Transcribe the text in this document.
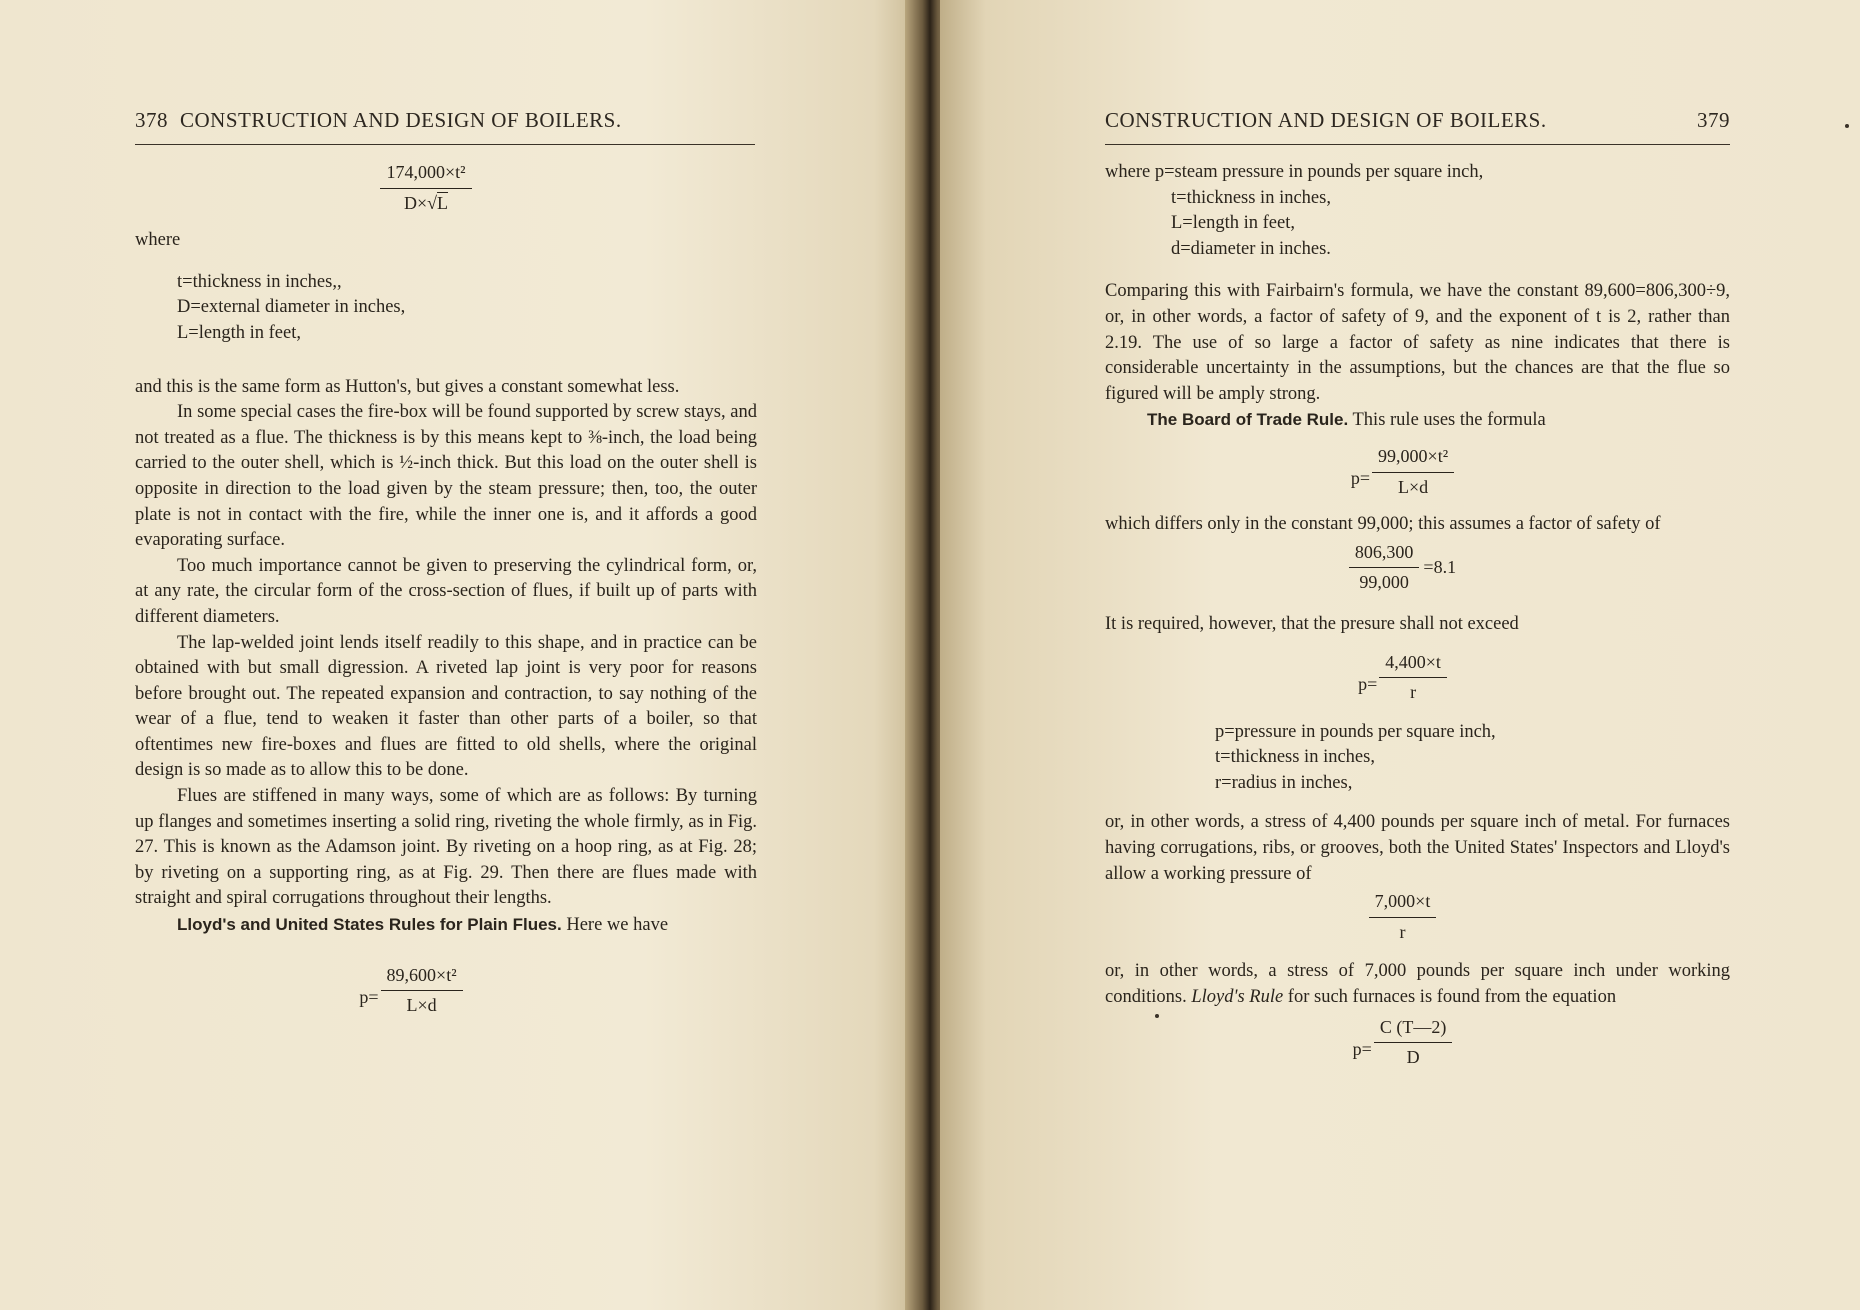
378 CONSTRUCTION AND DESIGN OF BOILERS.
$\frac{\text{174,000×t²}}{D\times√L}$

where

t=thickness in inches,,
D=external diameter in inches,
L=length in feet,

and this is the same form as Hutton's, but gives a constant somewhat less.

In some special cases the fire-box will be found supported by screw stays, and not treated as a flue. The thickness is by this means kept to ⅜-inch, the load being carried to the outer shell, which is ½-inch thick. But this load on the outer shell is opposite in direction to the load given by the steam pressure; then, too, the outer plate is not in contact with the fire, while the inner one is, and it affords a good evaporating surface.

Too much importance cannot be given to preserving the cylindrical form, or, at any rate, the circular form of the cross-section of flues, if built up of parts with different diameters.

The lap-welded joint lends itself readily to this shape, and in practice can be obtained with but small digression. A riveted lap joint is very poor for reasons before brought out. The repeated expansion and contraction, to say nothing of the wear of a flue, tend to weaken it faster than other parts of a boiler, so that oftentimes new fire-boxes and flues are fitted to old shells, where the original design is so made as to allow this to be done.

Flues are stiffened in many ways, some of which are as follows: By turning up flanges and sometimes inserting a solid ring, riveting the whole firmly, as in Fig. 27. This is known as the Adamson joint. By riveting on a hoop ring, as at Fig. 28; by riveting on a supporting ring, as at Fig. 29. Then there are flues made with straight and spiral corrugations throughout their lengths.

Lloyd's and United States Rules for Plain Flues. Here we have

$p= \frac{\text{89,600×t²}}{L\times d}$
CONSTRUCTION AND DESIGN OF BOILERS.	379

where p=steam pressure in pounds per square inch,

t=thickness in inches,
L=length in feet,
d=diameter in inches.

Comparing this with Fairbairn's formula, we have the constant 89,600=806,300÷9, or, in other words, a factor of safety of 9, and the exponent of t is 2, rather than 2.19. The use of so large a factor of safety as nine indicates that there is considerable uncertainty in the assumptions, but the chances are that the flue so figured will be amply strong.

The Board of Trade Rule. This rule uses the formula

$p= \frac{\text{99,000×t²}}{L\times d}$

which differs only in the constant 99,000; this assumes a factor of safety of

$\frac{806,300}{99,000} =8.1$

It is required, however, that the presure shall not exceed

$p= \frac{4,400\times t}{r}$
p=pressure in pounds per square inch,
t=thickness in inches,
r=radius in inches,

or, in other words, a stress of 4,400 pounds per square inch of metal. For furnaces having corrugations, ribs, or grooves, both the United States' Inspectors and Lloyd's allow a working pressure of

$\frac{7,000\times t}{r}$

or, in other words, a stress of 7,000 pounds per square inch under working conditions. Lloyd's Rule for such furnaces is found from the equation

$p= \frac{C (T—2)}{D}$
